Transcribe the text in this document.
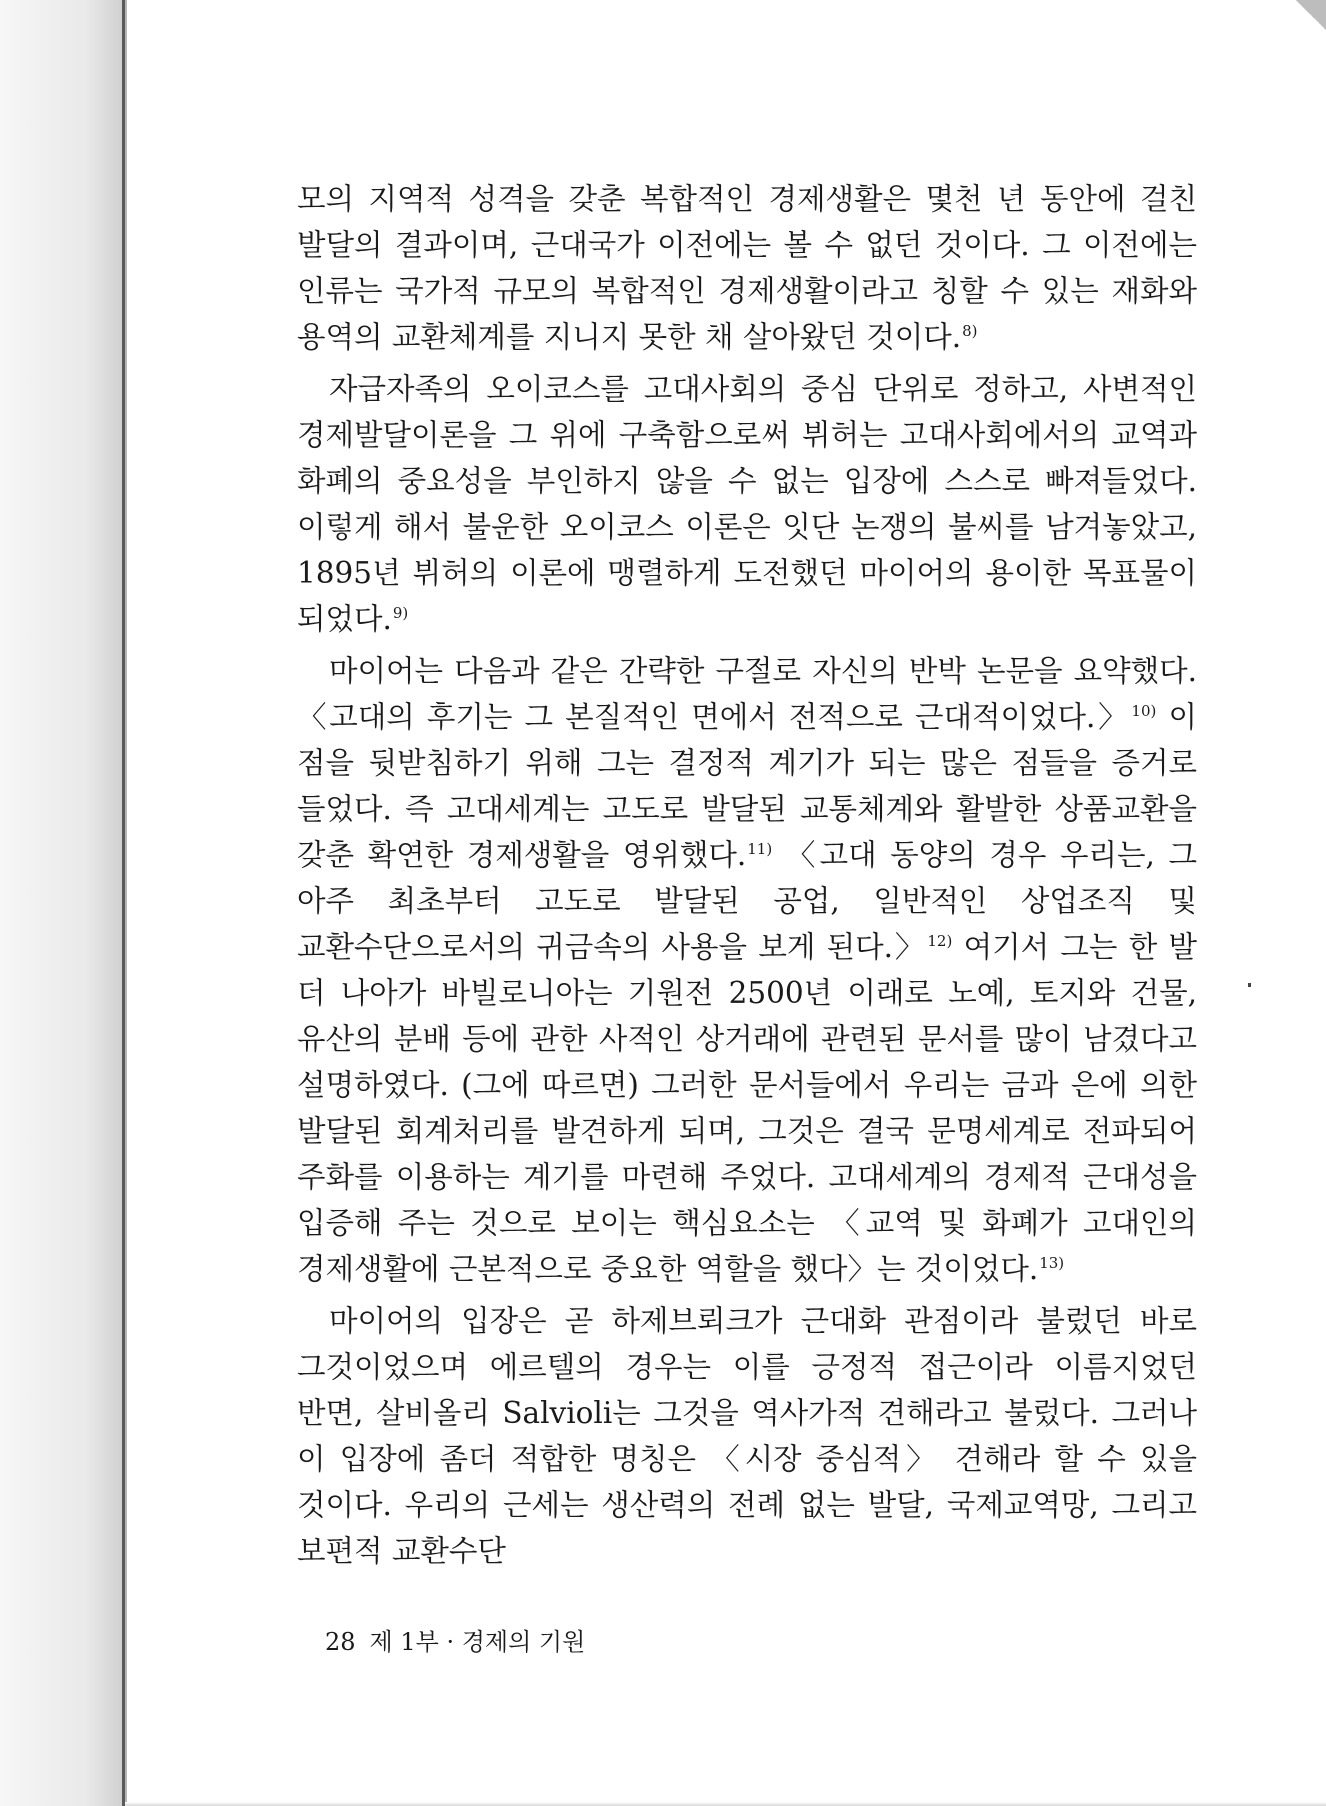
모의 지역적 성격을 갖춘 복합적인 경제생활은 몇천 년 동안에 걸친 발달의 결과이며, 근대국가 이전에는 볼 수 없던 것이다. 그 이전에는 인류는 국가적 규모의 복합적인 경제생활이라고 칭할 수 있는 재화와 용역의 교환체계를 지니지 못한 채 살아왔던 것이다.$^{8)}$

자급자족의 오이코스를 고대사회의 중심 단위로 정하고, 사변적인 경제발달이론을 그 위에 구축함으로써 뷔허는 고대사회에서의 교역과 화폐의 중요성을 부인하지 않을 수 없는 입장에 스스로 빠져들었다. 이렇게 해서 불운한 오이코스 이론은 잇단 논쟁의 불씨를 남겨놓았고, 1895년 뷔허의 이론에 맹렬하게 도전했던 마이어의 용이한 목표물이 되었다.$^{9)}$

마이어는 다음과 같은 간략한 구절로 자신의 반박 논문을 요약했다. 〈고대의 후기는 그 본질적인 면에서 전적으로 근대적이었다.〉$^{10)}$ 이 점을 뒷받침하기 위해 그는 결정적 계기가 되는 많은 점들을 증거로 들었다. 즉 고대세계는 고도로 발달된 교통체계와 활발한 상품교환을 갖춘 확연한 경제생활을 영위했다.$^{11)}$ 〈고대 동양의 경우 우리는, 그 아주 최초부터 고도로 발달된 공업, 일반적인 상업조직 및 교환수단으로서의 귀금속의 사용을 보게 된다.〉$^{12)}$ 여기서 그는 한 발 더 나아가 바빌로니아는 기원전 2500년 이래로 노예, 토지와 건물, 유산의 분배 등에 관한 사적인 상거래에 관련된 문서를 많이 남겼다고 설명하였다. (그에 따르면) 그러한 문서들에서 우리는 금과 은에 의한 발달된 회계처리를 발견하게 되며, 그것은 결국 문명세계로 전파되어 주화를 이용하는 계기를 마련해 주었다. 고대세계의 경제적 근대성을 입증해 주는 것으로 보이는 핵심요소는 〈교역 및 화폐가 고대인의 경제생활에 근본적으로 중요한 역할을 했다〉는 것이었다.$^{13)}$

마이어의 입장은 곧 하제브뢰크가 근대화 관점이라 불렀던 바로 그것이었으며 에르텔의 경우는 이를 긍정적 접근이라 이름지었던 반면, 살비올리 Salvioli는 그것을 역사가적 견해라고 불렀다. 그러나 이 입장에 좀더 적합한 명칭은 〈시장 중심적〉 견해라 할 수 있을 것이다. 우리의 근세는 생산력의 전례 없는 발달, 국제교역망, 그리고 보편적 교환수단

28 제 1부 · 경제의 기원
